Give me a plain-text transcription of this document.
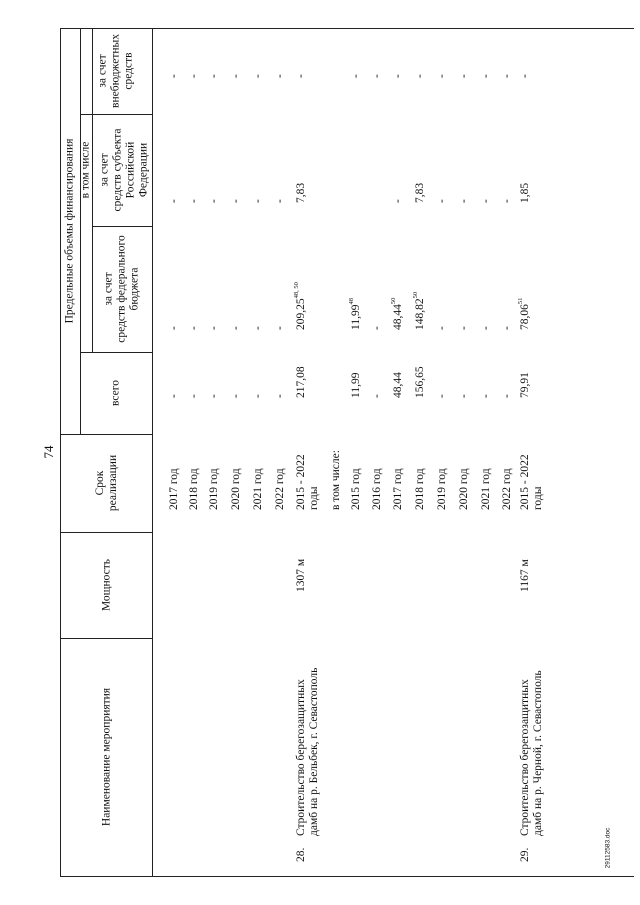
74
Наименование мероприятия
Мощность
Срок
реализации
Предельные объемы финансирования в том числе
всего
за счет
средств федерального
бюджета
за счет
средств субъекта
Российской
Федерации
за счет
внебюджетных
средств
2017 год
-
-
-
-
2018 год
-
-
-
-
2019 год
-
-
-
-
2020 год
-
-
-
-
2021 год
-
-
-
-
2022 год
-
-
-
-
28.
Строительство берегозащитных
дамб на р. Бельбек, г. Севастополь
1307 м
2015 - 2022
годы
217,08
209,25$^{48, 50}$
7,83
-
в том числе: 2015 год
11,99
11,99$^{48}$
-
2016 год
-
-
-
2017 год
48,44
48,44$^{50}$
-
-
2018 год
156,65
148,82$^{50}$
7,83
-
2019 год
-
-
-
-
2020 год
-
-
-
-
2021 год
-
-
-
-
2022 год
-
-
-
-
29.
Строительство берегозащитных
дамб на р. Черной, г. Севастополь
1167 м
2015 - 2022
годы
79,91
78,06$^{51}$
1,85
-
29112583.doc
